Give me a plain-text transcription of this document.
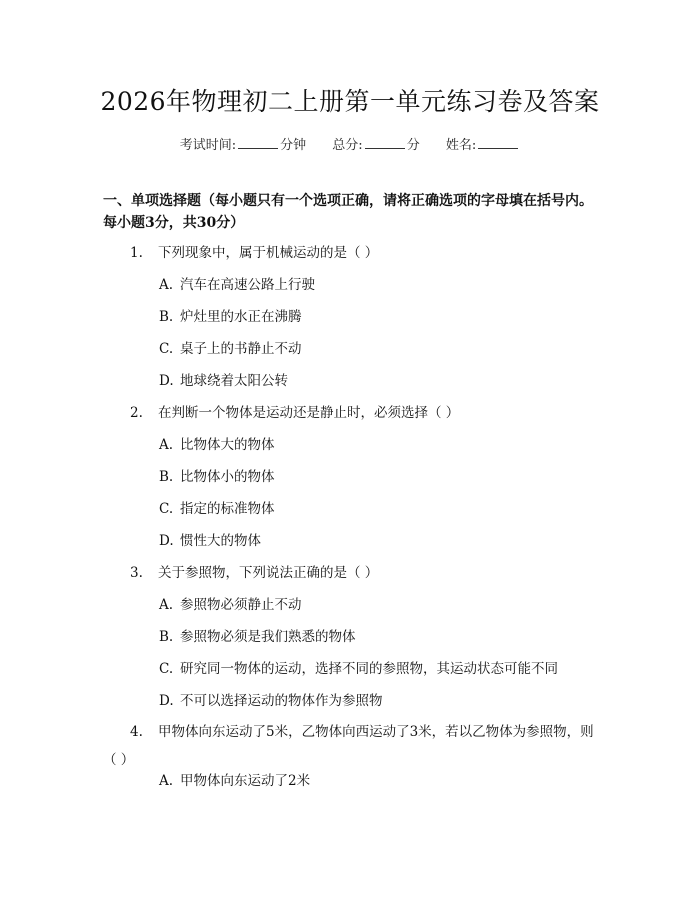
2026年物理初二上册第一单元练习卷及答案
考试时间:	分钟 总分:	分 姓名:
一、单项选择题（每小题只有一个选项正确，请将正确选项的字母填在括号内。每小题3分，共30分）
1. 下列现象中，属于机械运动的是（ ）
A. 汽车在高速公路上行驶
B. 炉灶里的水正在沸腾
C. 桌子上的书静止不动
D. 地球绕着太阳公转
2. 在判断一个物体是运动还是静止时，必须选择（ ）
A. 比物体大的物体
B. 比物体小的物体
C. 指定的标准物体
D. 惯性大的物体
3. 关于参照物，下列说法正确的是（ ）
A. 参照物必须静止不动
B. 参照物必须是我们熟悉的物体
C. 研究同一物体的运动，选择不同的参照物，其运动状态可能不同
D. 不可以选择运动的物体作为参照物
4. 甲物体向东运动了5米，乙物体向西运动了3米，若以乙物体为参照物，则（ ）
A. 甲物体向东运动了2米
